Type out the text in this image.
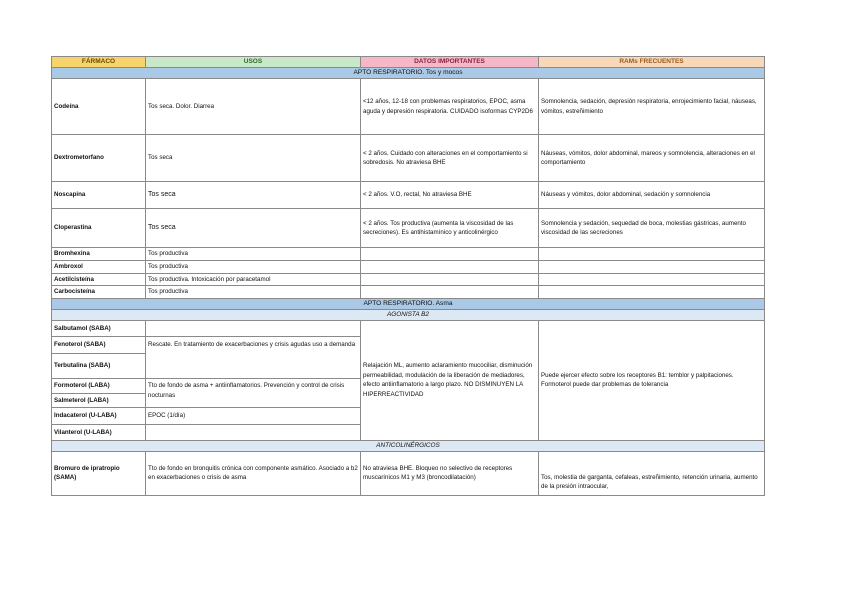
FÁRMACO	USOS	DATOS IMPORTANTES	RAMs FRECUENTES
APTO RESPIRATORIO. Tos y mocos			
Codeína	Tos seca. Dolor. Diarrea	<12 años, 12-18 con problemas respiratorios, EPOC, asma aguda y depresión respiratoria. CUIDADO isoformas CYP2D6	Somnolencia, sedación, depresión respiratoria, enrojecimiento facial, náuseas, vómitos, estreñimiento
Dextrometorfano	Tos seca	< 2 años. Cuidado con alteraciones en el comportamiento si sobredosis. No atraviesa BHE	Náuseas, vómitos, dolor abdominal, mareos y somnolencia, alteraciones en el comportamiento
Noscapina	Tos seca	< 2 años. V.O, rectal, No atraviesa BHE	Náuseas y vómitos, dolor abdominal, sedación y somnolencia
Cloperastina	Tos seca	< 2 años. Tos productiva (aumenta la viscosidad de las secreciones). Es antihistamínico y anticolinérgico	Somnolencia y sedación, sequedad de boca, molestias gástricas, aumento viscosidad de las secreciones
Bromhexina	Tos productiva		
Ambroxol	Tos productiva		
Acetilcisteína	Tos productiva. Intoxicación por paracetamol		
Carbocisteína	Tos productiva		
APTO RESPIRATORIO. Asma			
AGONISTA B2			
Salbutamol (SABA)		Relajación ML, aumento aclaramiento mucociliar, disminución permeabilidad, modulación de la liberación de mediadores, efecto antiinflamatorio a largo plazo. NO DISMINUYEN LA HIPERREACTIVIDAD	Puede ejercer efecto sobre los receptores B1: temblor y palpitaciones. Formoterol puede dar problemas de tolerancia
Fenoterol (SABA)	Rescate. En tratamiento de exacerbaciones y crisis agudas uso a demanda		
Terbutalina (SABA)			
Formoterol (LABA)	Tto de fondo de asma + antiinflamatorios. Prevención y control de crisis nocturnas		
Salmeterol (LABA)			
Indacaterol (U-LABA)	EPOC (1/día)		
Vilanterol (U-LABA)			
ANTICOLINÉRGICOS			
Bromuro de ipratropio (SAMA)	Tto de fondo en bronquitis crónica con componente asmático. Asociado a b2 en exacerbaciones o crisis de asma	No atraviesa BHE. Bloqueo no selectivo de receptores muscarínicos M1 y M3 (broncodilatación)	Tos, molestia de garganta, cefaleas, estreñimiento, retención urinaria, aumento de la presión intraocular,
